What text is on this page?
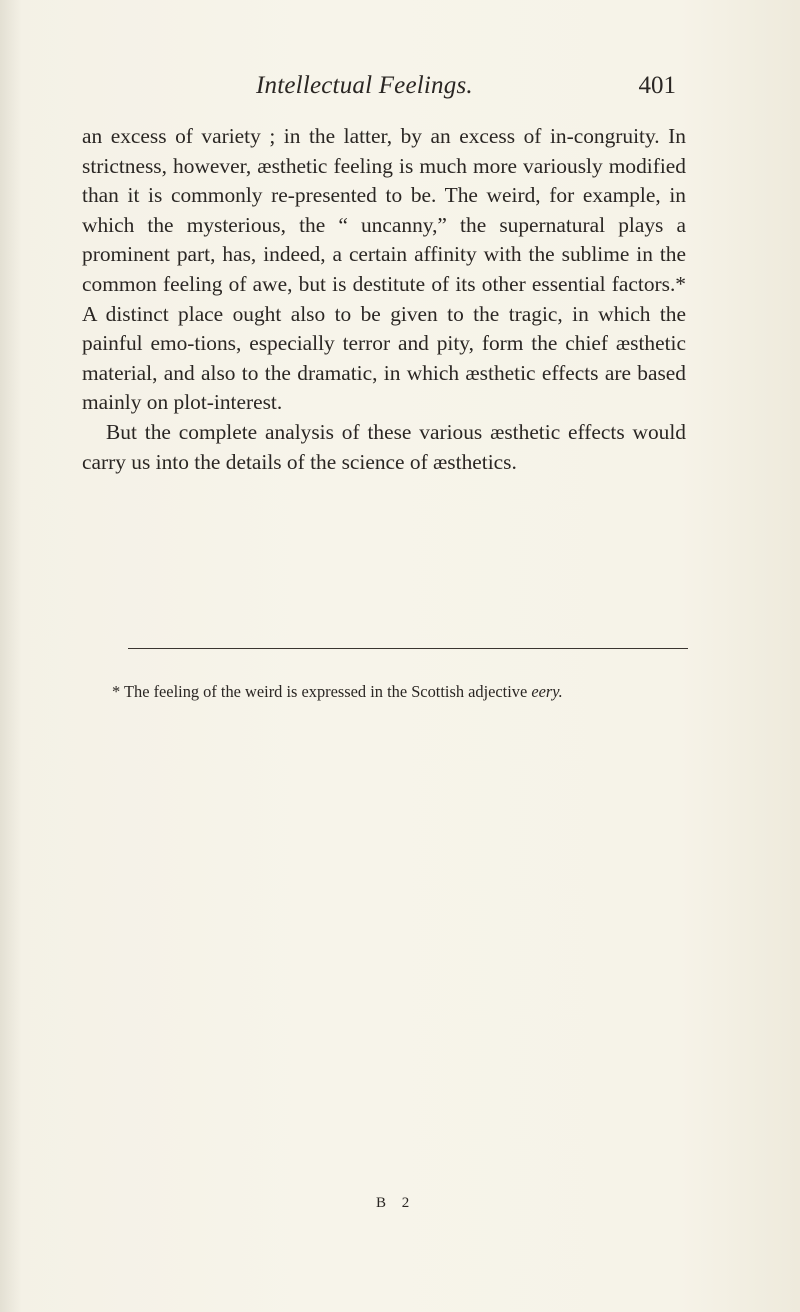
Intellectual Feelings.	401

an excess of variety ; in the latter, by an excess of in-congruity. In strictness, however, æsthetic feeling is much more variously modified than it is commonly re-presented to be. The weird, for example, in which the mysterious, the “ uncanny,” the supernatural plays a prominent part, has, indeed, a certain affinity with the sublime in the common feeling of awe, but is destitute of its other essential factors.* A distinct place ought also to be given to the tragic, in which the painful emo-tions, especially terror and pity, form the chief æsthetic material, and also to the dramatic, in which æsthetic effects are based mainly on plot-interest.

But the complete analysis of these various æsthetic effects would carry us into the details of the science of æsthetics.

* The feeling of the weird is expressed in the Scottish adjective eery.
B 2
